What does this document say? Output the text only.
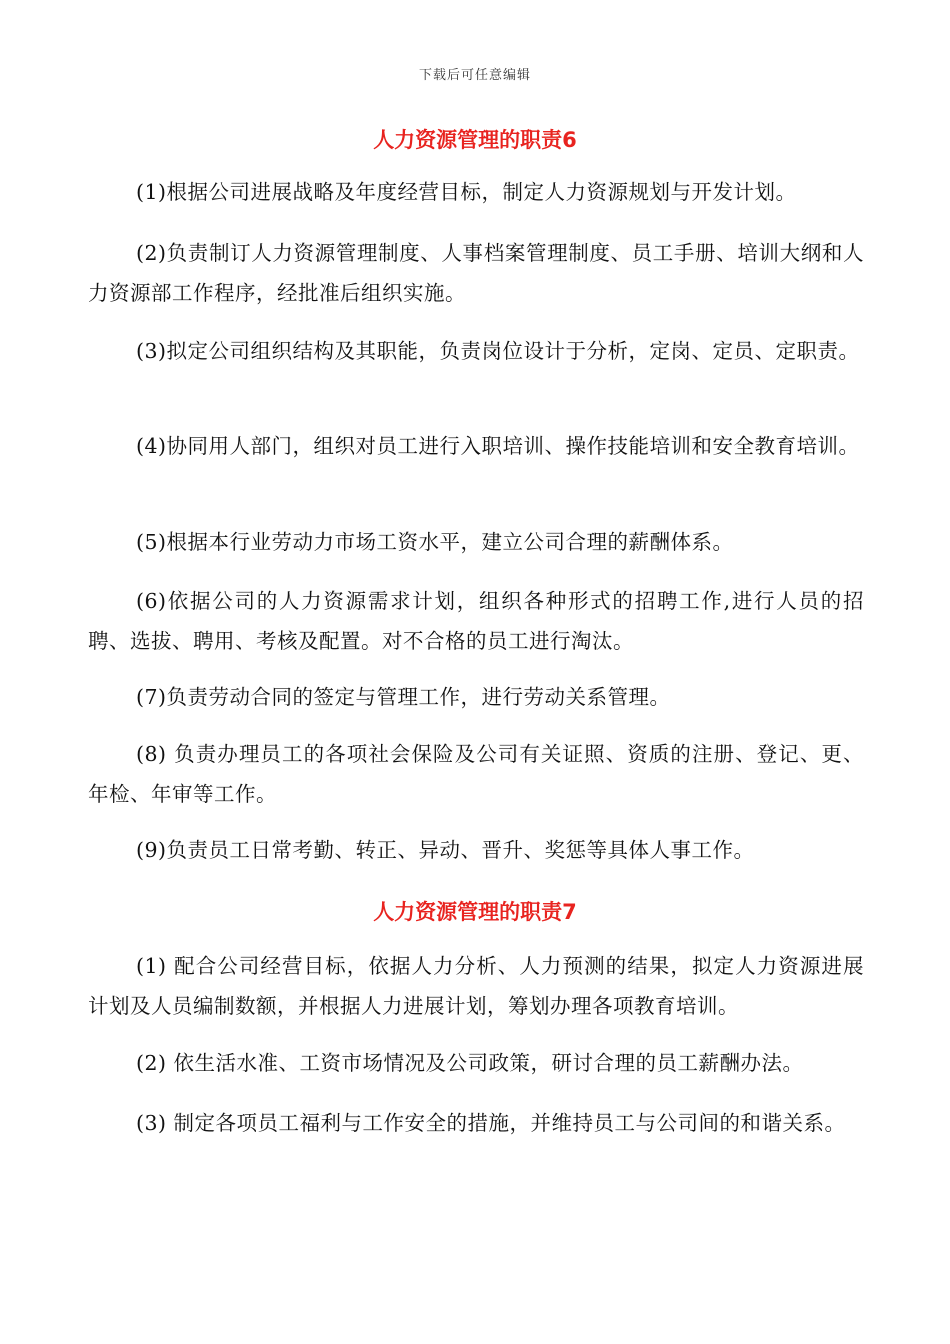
下载后可任意编辑
人力资源管理的职责6

(1)根据公司进展战略及年度经营目标，制定人力资源规划与开发计划。

(2)负责制订人力资源管理制度、人事档案管理制度、员工手册、培训大纲和人力资源部工作程序，经批准后组织实施。

(3)拟定公司组织结构及其职能，负责岗位设计于分析，定岗、定员、定职责。

(4)协同用人部门，组织对员工进行入职培训、操作技能培训和安全教育培训。

(5)根据本行业劳动力市场工资水平，建立公司合理的薪酬体系。

(6)依据公司的人力资源需求计划，组织各种形式的招聘工作,进行人员的招聘、选拔、聘用、考核及配置。对不合格的员工进行淘汰。

(7)负责劳动合同的签定与管理工作，进行劳动关系管理。

(8) 负责办理员工的各项社会保险及公司有关证照、资质的注册、登记、更、年检、年审等工作。

(9)负责员工日常考勤、转正、异动、晋升、奖惩等具体人事工作。

人力资源管理的职责7

(1) 配合公司经营目标，依据人力分析、人力预测的结果，拟定人力资源进展计划及人员编制数额，并根据人力进展计划，筹划办理各项教育培训。

(2) 依生活水准、工资市场情况及公司政策，研讨合理的员工薪酬办法。

(3) 制定各项员工福利与工作安全的措施，并维持员工与公司间的和谐关系。
